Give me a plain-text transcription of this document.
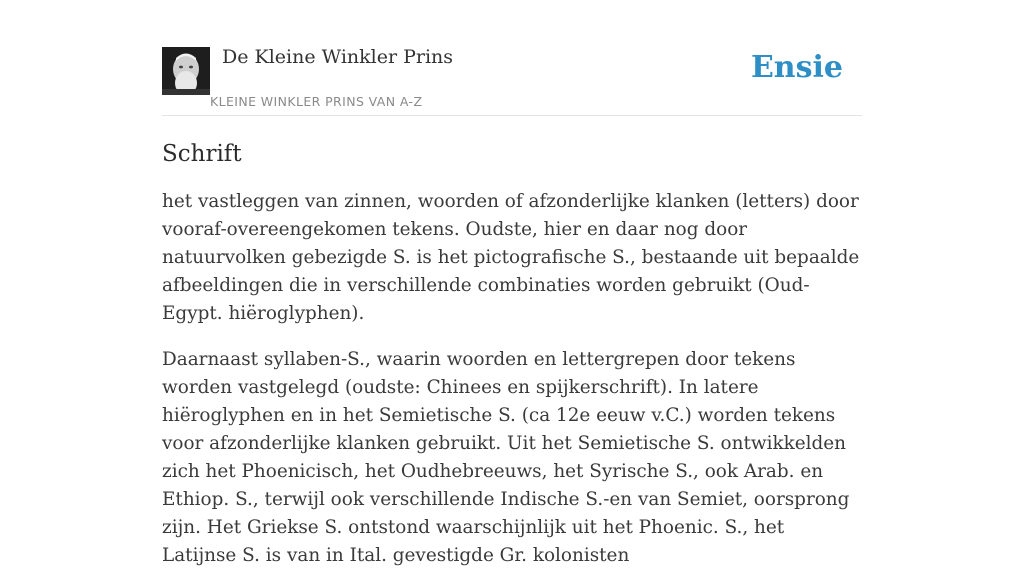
De Kleine Winkler Prins
KLEINE WINKLER PRINS VAN A-Z
Ensie
Schrift

het vastleggen van zinnen, woorden of afzonderlijke klanken (letters) door vooraf-overeengekomen tekens. Oudste, hier en daar nog door natuurvolken gebezigde S. is het pictografische S., bestaande uit bepaalde afbeeldingen die in verschillende combinaties worden gebruikt (Oud-Egypt. hiëroglyphen).

Daarnaast syllaben-S., waarin woorden en lettergrepen door tekens worden vastgelegd (oudste: Chinees en spijkerschrift). In latere hiëroglyphen en in het Semietische S. (ca 12e eeuw v.C.) worden tekens voor afzonderlijke klanken gebruikt. Uit het Semietische S. ontwikkelden zich het Phoenicisch, het Oudhebreeuws, het Syrische S., ook Arab. en Ethiop. S., terwijl ook verschillende Indische S.-en van Semiet, oorsprong zijn. Het Griekse S. ontstond waarschijnlijk uit het Phoenic. S., het Latijnse S. is van in Ital. gevestigde Gr. kolonisten
